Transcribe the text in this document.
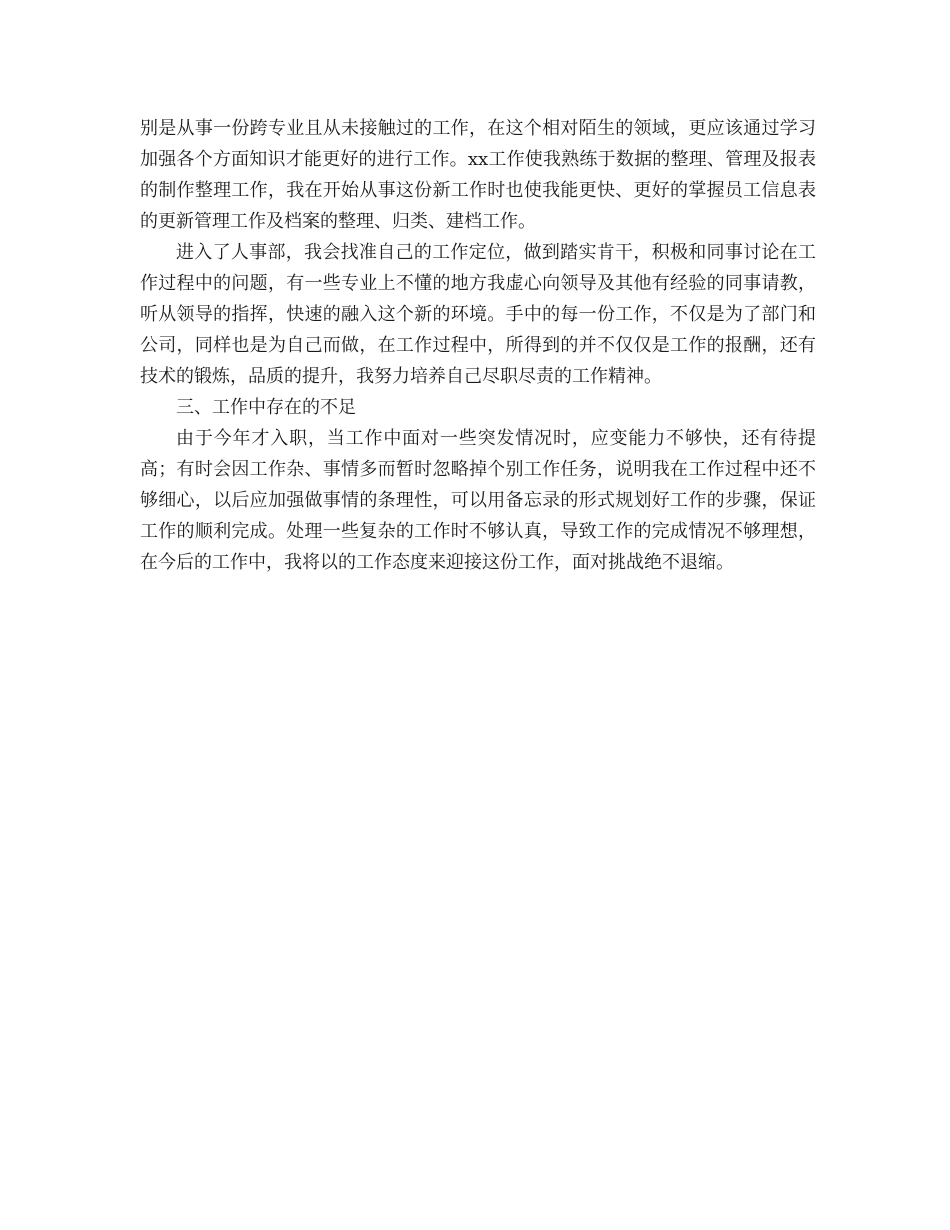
别是从事一份跨专业且从未接触过的工作，在这个相对陌生的领域，更应该通过学习加强各个方面知识才能更好的进行工作。xx工作使我熟练于数据的整理、管理及报表的制作整理工作，我在开始从事这份新工作时也使我能更快、更好的掌握员工信息表的更新管理工作及档案的整理、归类、建档工作。

进入了人事部，我会找准自己的工作定位，做到踏实肯干，积极和同事讨论在工作过程中的问题，有一些专业上不懂的地方我虚心向领导及其他有经验的同事请教，听从领导的指挥，快速的融入这个新的环境。手中的每一份工作，不仅是为了部门和公司，同样也是为自己而做，在工作过程中，所得到的并不仅仅是工作的报酬，还有技术的锻炼，品质的提升，我努力培养自己尽职尽责的工作精神。

三、工作中存在的不足

由于今年才入职，当工作中面对一些突发情况时，应变能力不够快，还有待提高；有时会因工作杂、事情多而暂时忽略掉个别工作任务，说明我在工作过程中还不够细心，以后应加强做事情的条理性，可以用备忘录的形式规划好工作的步骤，保证工作的顺利完成。处理一些复杂的工作时不够认真，导致工作的完成情况不够理想，在今后的工作中，我将以的工作态度来迎接这份工作，面对挑战绝不退缩。
